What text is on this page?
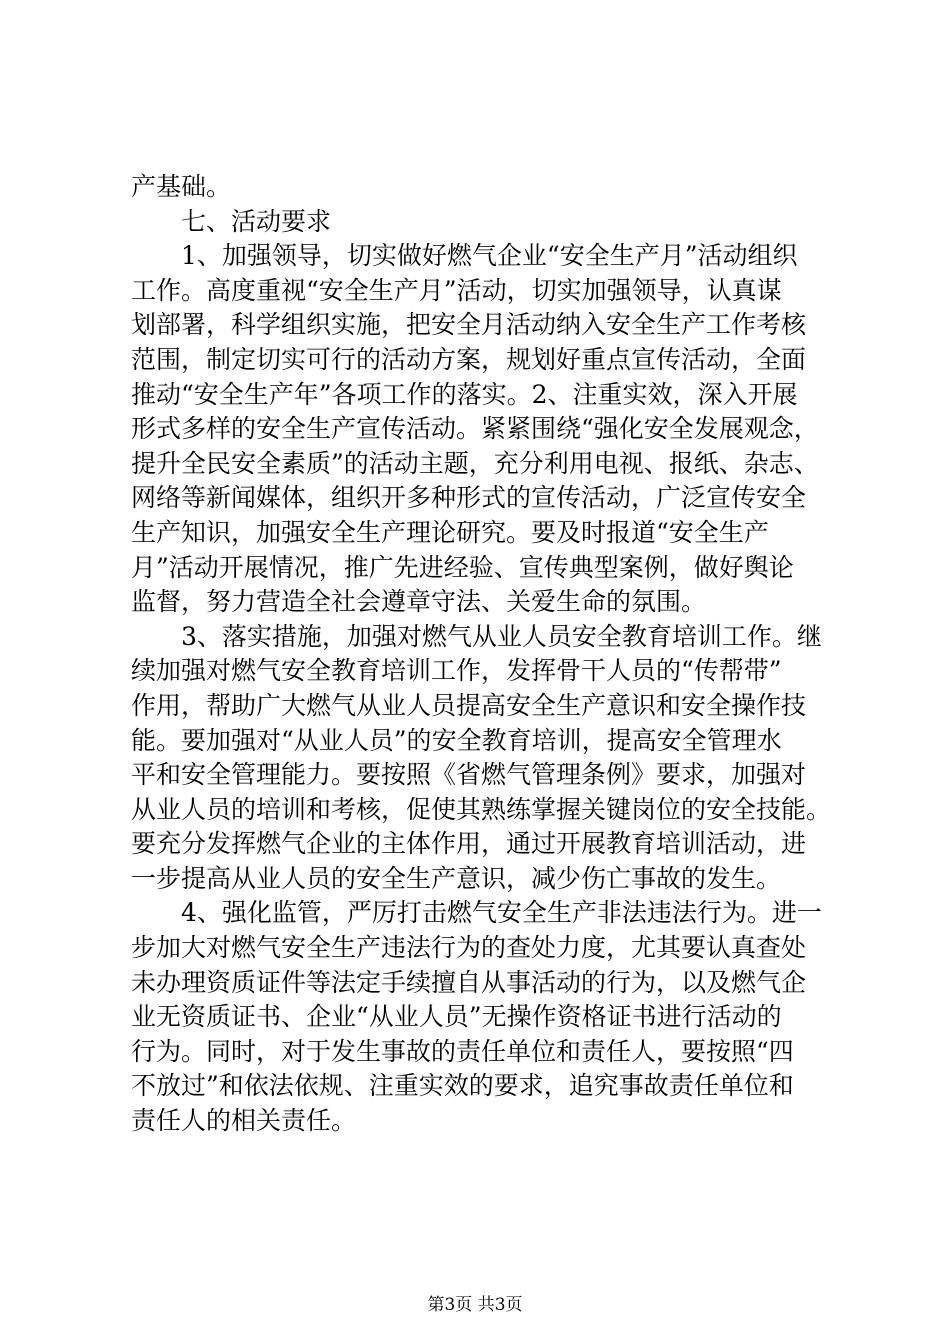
产基础。
七、活动要求
1、加强领导，切实做好燃气企业“安全生产月”活动组织
工作。高度重视“安全生产月”活动，切实加强领导，认真谋
划部署，科学组织实施，把安全月活动纳入安全生产工作考核
范围，制定切实可行的活动方案，规划好重点宣传活动，全面
推动“安全生产年”各项工作的落实。2、注重实效，深入开展
形式多样的安全生产宣传活动。紧紧围绕“强化安全发展观念，
提升全民安全素质”的活动主题，充分利用电视、报纸、杂志、
网络等新闻媒体，组织开多种形式的宣传活动，广泛宣传安全
生产知识，加强安全生产理论研究。要及时报道“安全生产
月”活动开展情况，推广先进经验、宣传典型案例，做好舆论
监督，努力营造全社会遵章守法、关爱生命的氛围。
3、落实措施，加强对燃气从业人员安全教育培训工作。继
续加强对燃气安全教育培训工作，发挥骨干人员的“传帮带”
作用，帮助广大燃气从业人员提高安全生产意识和安全操作技
能。要加强对“从业人员”的安全教育培训，提高安全管理水
平和安全管理能力。要按照《省燃气管理条例》要求，加强对
从业人员的培训和考核，促使其熟练掌握关键岗位的安全技能。
要充分发挥燃气企业的主体作用，通过开展教育培训活动，进
一步提高从业人员的安全生产意识，减少伤亡事故的发生。
4、强化监管，严厉打击燃气安全生产非法违法行为。进一
步加大对燃气安全生产违法行为的查处力度，尤其要认真查处
未办理资质证件等法定手续擅自从事活动的行为，以及燃气企
业无资质证书、企业“从业人员”无操作资格证书进行活动的
行为。同时，对于发生事故的责任单位和责任人，要按照“四
不放过”和依法依规、注重实效的要求，追究事故责任单位和
责任人的相关责任。
第3页 共3页
